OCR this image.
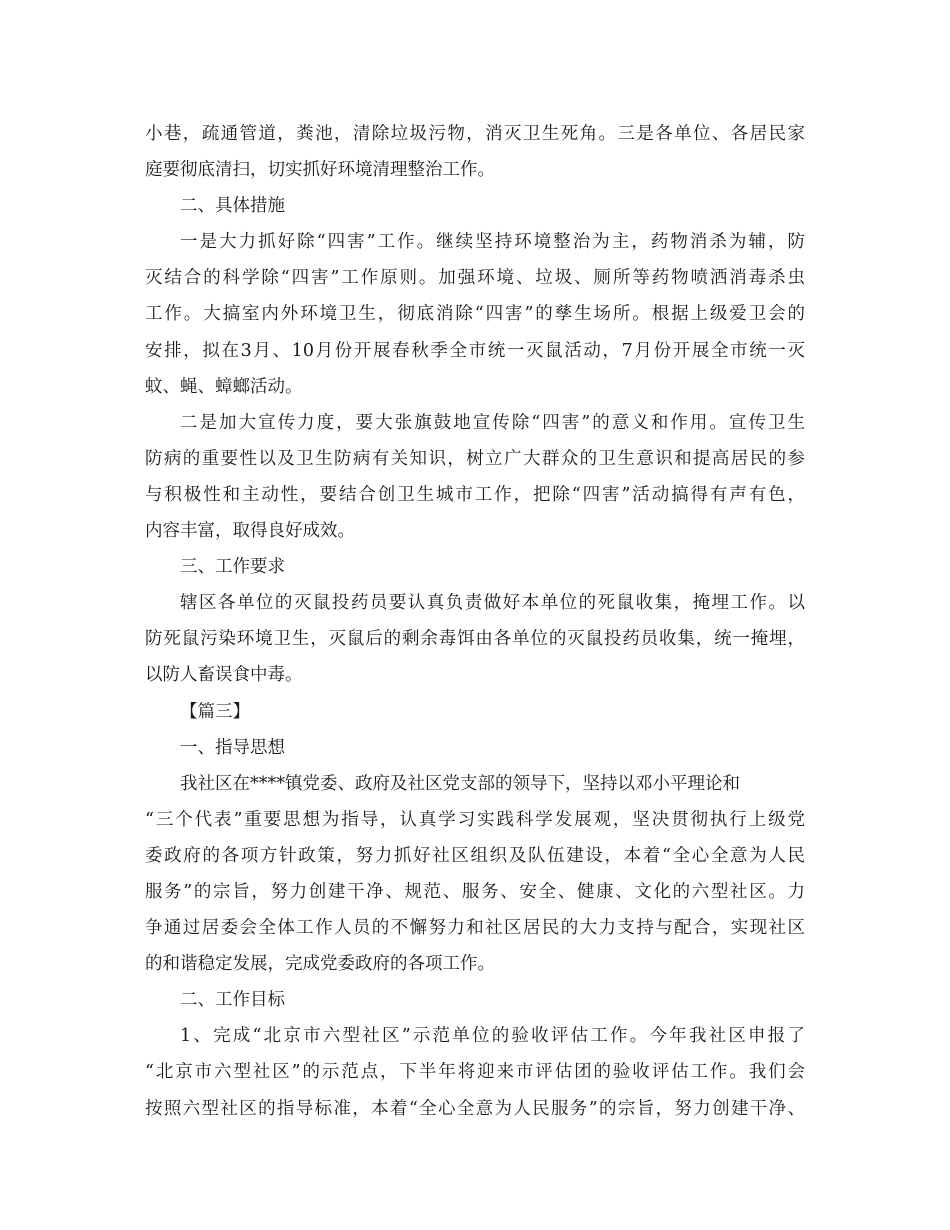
小巷，疏通管道，粪池，清除垃圾污物，消灭卫生死角。三是各单位、各居民家
庭要彻底清扫，切实抓好环境清理整治工作。
二、具体措施
一是大力抓好除“四害”工作。继续坚持环境整治为主，药物消杀为辅，防
灭结合的科学除“四害”工作原则。加强环境、垃圾、厕所等药物喷洒消毒杀虫
工作。大搞室内外环境卫生，彻底消除“四害”的孳生场所。根据上级爱卫会的
安排，拟在3月、10月份开展春秋季全市统一灭鼠活动，7月份开展全市统一灭
蚊、蝇、蟑螂活动。
二是加大宣传力度，要大张旗鼓地宣传除“四害”的意义和作用。宣传卫生
防病的重要性以及卫生防病有关知识，树立广大群众的卫生意识和提高居民的参
与积极性和主动性，要结合创卫生城市工作，把除“四害”活动搞得有声有色，
内容丰富，取得良好成效。
三、工作要求
辖区各单位的灭鼠投药员要认真负责做好本单位的死鼠收集，掩埋工作。以
防死鼠污染环境卫生，灭鼠后的剩余毒饵由各单位的灭鼠投药员收集，统一掩埋，
以防人畜误食中毒。
【篇三】
一、指导思想
我社区在****镇党委、政府及社区党支部的领导下，坚持以邓小平理论和
“三个代表”重要思想为指导，认真学习实践科学发展观，坚决贯彻执行上级党
委政府的各项方针政策，努力抓好社区组织及队伍建设，本着“全心全意为人民
服务”的宗旨，努力创建干净、规范、服务、安全、健康、文化的六型社区。力
争通过居委会全体工作人员的不懈努力和社区居民的大力支持与配合，实现社区
的和谐稳定发展，完成党委政府的各项工作。
二、工作目标
1、完成“北京市六型社区”示范单位的验收评估工作。今年我社区申报了
“北京市六型社区”的示范点，下半年将迎来市评估团的验收评估工作。我们会
按照六型社区的指导标准，本着“全心全意为人民服务”的宗旨，努力创建干净、
